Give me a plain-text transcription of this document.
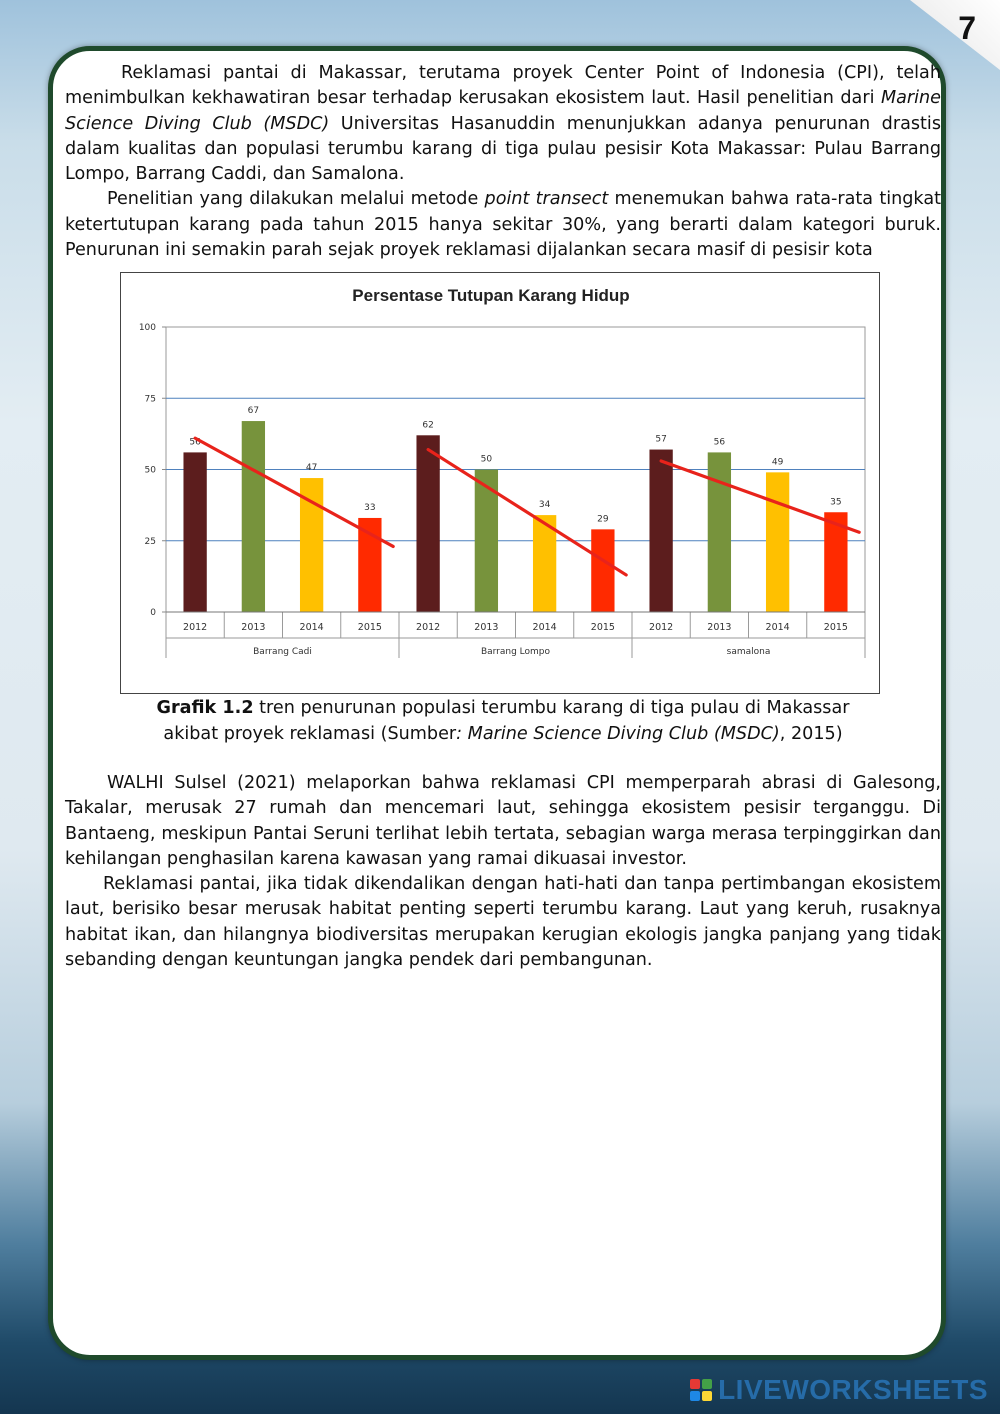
7

Reklamasi pantai di Makassar, terutama proyek Center Point of Indonesia (CPI), telah menimbulkan kekhawatiran besar terhadap kerusakan ekosistem laut. Hasil penelitian dari Marine Science Diving Club (MSDC) Universitas Hasanuddin menunjukkan adanya penurunan drastis dalam kualitas dan populasi terumbu karang di tiga pulau pesisir Kota Makassar: Pulau Barrang Lompo, Barrang Caddi, dan Samalona.

Penelitian yang dilakukan melalui metode point transect menemukan bahwa rata-rata tingkat ketertutupan karang pada tahun 2015 hanya sekitar 30%, yang berarti dalam kategori buruk. Penurunan ini semakin parah sejak proyek reklamasi dijalankan secara masif di pesisir kota

Persentase Tutupan Karang Hidup
56
67
47
33
62
50
34
29
57	56
49
35
0
25
50
75
100
2012	2013	2014	2015
Barrang Cadi
2012	2013	2014	2015
Barrang Lompo
2012	2013	2014	2015
samalona
Grafik 1.2 tren penurunan populasi terumbu karang di tiga pulau di Makassar
akibat proyek reklamasi (Sumber: Marine Science Diving Club (MSDC), 2015)

WALHI Sulsel (2021) melaporkan bahwa reklamasi CPI memperparah abrasi di Galesong, Takalar, merusak 27 rumah dan mencemari laut, sehingga ekosistem pesisir terganggu. Di Bantaeng, meskipun Pantai Seruni terlihat lebih tertata, sebagian warga merasa terpinggirkan dan kehilangan penghasilan karena kawasan yang ramai dikuasai investor.

Reklamasi pantai, jika tidak dikendalikan dengan hati-hati dan tanpa pertimbangan ekosistem laut, berisiko besar merusak habitat penting seperti terumbu karang. Laut yang keruh, rusaknya habitat ikan, dan hilangnya biodiversitas merupakan kerugian ekologis jangka panjang yang tidak sebanding dengan keuntungan jangka pendek dari pembangunan.

LIVEWORKSHEETS
